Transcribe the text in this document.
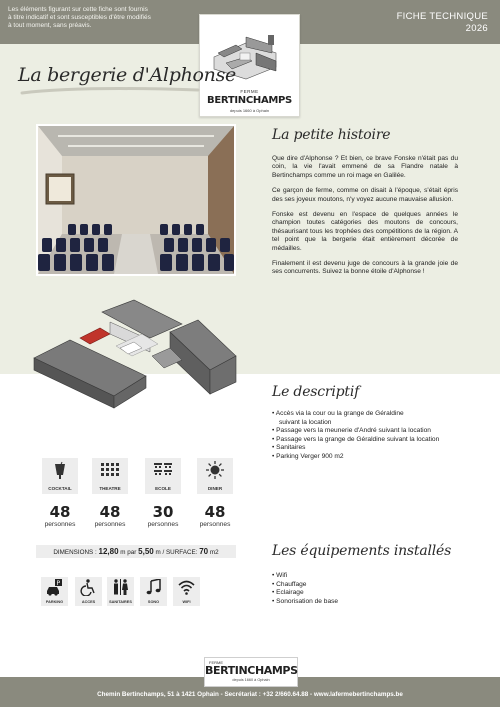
Les éléments figurant sur cette fiche sont fournis
à titre indicatif et sont susceptibles d'être modifiés
à tout moment, sans préavis.
FICHE TECHNIQUE
2026
FERME
BERTINCHAMPS
depuis 1660 à Ophain
La bergerie d'Alphonse
La petite histoire

Que dire d'Alphonse ? Et bien, ce brave Fonske n'était pas du coin, la vie l'avait emmené de sa Flandre natale à Bertinchamps comme un roi mage en Galilée.

Ce garçon de ferme, comme on disait à l'époque, s'était épris des ses joyeux moutons, n'y voyez aucune mauvaise allusion.

Fonske est devenu en l'espace de quelques années le champion toutes catégories des moutons de concours, thésaurisant tous les trophées des compétitions de la région. A tel point que la bergerie était entièrement décorée de médailles.

Finalement il est devenu juge de concours à la grande joie de ses concurrents. Suivez la bonne étoile d'Alphonse !

Le descriptif
• Accès via la cour ou la grange de Géraldine
suivant la location
• Passage vers la meunerie d'André suivant la location
• Passage vers la grange de Géraldine suivant la location
• Sanitaires
• Parking Verger 900 m2
COCKTAIL
48
personnes
THEATRE
48
personnes
ECOLE
30
personnes
DINER
48
personnes
DIMENSIONS : 12,80 m par 5,50 m / SURFACE: 70 m2	Les équipements installés
• Wifi
• Chauffage
• Eclairage
• Sonorisation de base
P
PARKING	ACCES	SANITAIRES	SONO	WIFI
Chemin Bertinchamps, 51 à 1421 Ophain - Secrétariat : +32 2/660.64.88 - www.lafermebertinchamps.be
FERME
BERTINCHAMPS
depuis 1660 à Ophain
